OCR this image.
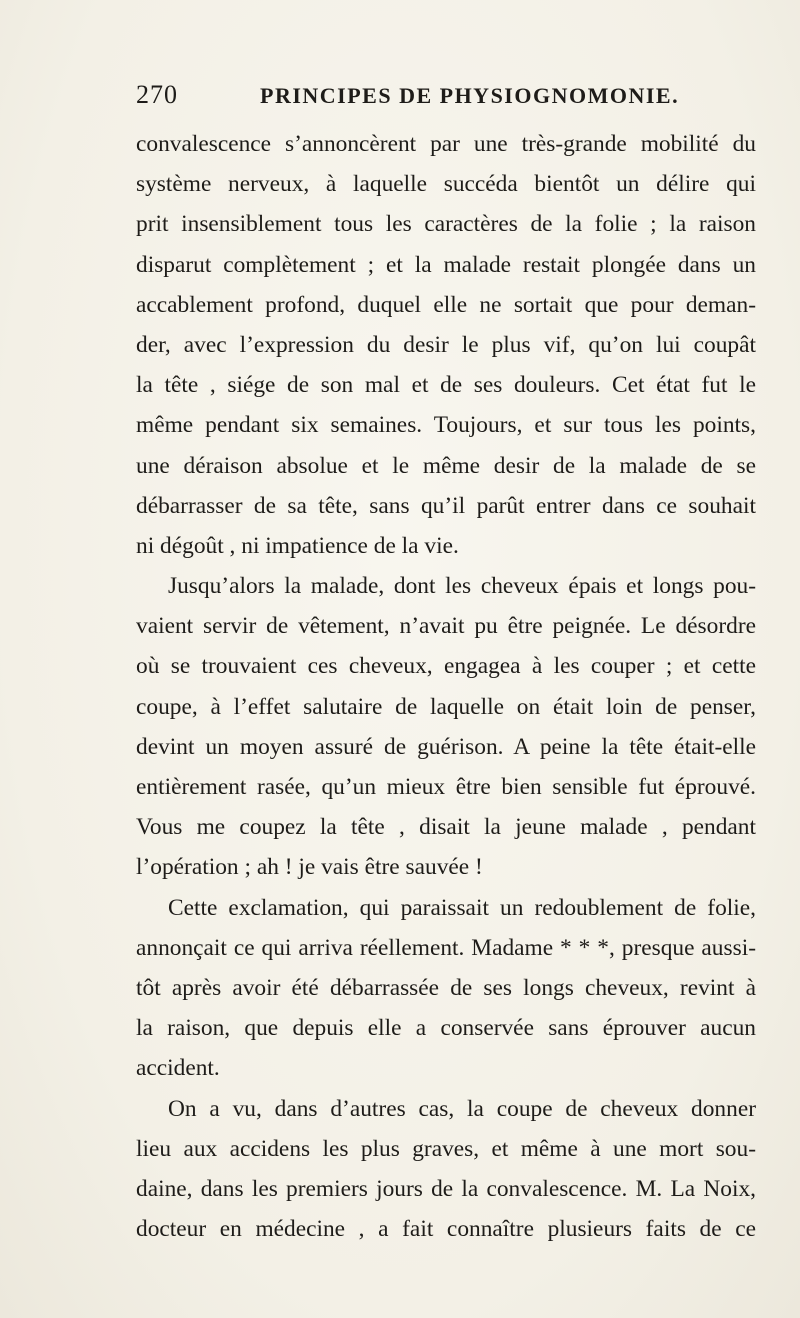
270	PRINCIPES DE PHYSIOGNOMONIE.
convalescence s’annoncèrent par une très-grande mobilité du
système nerveux, à laquelle succéda bientôt un délire qui
prit insensiblement tous les caractères de la folie ; la raison
disparut complètement ; et la malade restait plongée dans un
accablement profond, duquel elle ne sortait que pour deman-
der, avec l’expression du desir le plus vif, qu’on lui coupât
la tête , siége de son mal et de ses douleurs. Cet état fut le
même pendant six semaines. Toujours, et sur tous les points,
une déraison absolue et le même desir de la malade de se
débarrasser de sa tête, sans qu’il parût entrer dans ce souhait
ni dégoût , ni impatience de la vie.
Jusqu’alors la malade, dont les cheveux épais et longs pou-
vaient servir de vêtement, n’avait pu être peignée. Le désordre
où se trouvaient ces cheveux, engagea à les couper ; et cette
coupe, à l’effet salutaire de laquelle on était loin de penser,
devint un moyen assuré de guérison. A peine la tête était-elle
entièrement rasée, qu’un mieux être bien sensible fut éprouvé.
Vous me coupez la tête , disait la jeune malade , pendant
l’opération ; ah ! je vais être sauvée !
Cette exclamation, qui paraissait un redoublement de folie,
annonçait ce qui arriva réellement. Madame * * *, presque aussi-
tôt après avoir été débarrassée de ses longs cheveux, revint à
la raison, que depuis elle a conservée sans éprouver aucun
accident.
On a vu, dans d’autres cas, la coupe de cheveux donner
lieu aux accidens les plus graves, et même à une mort sou-
daine, dans les premiers jours de la convalescence. M. La Noix,
docteur en médecine , a fait connaître plusieurs faits de ce
